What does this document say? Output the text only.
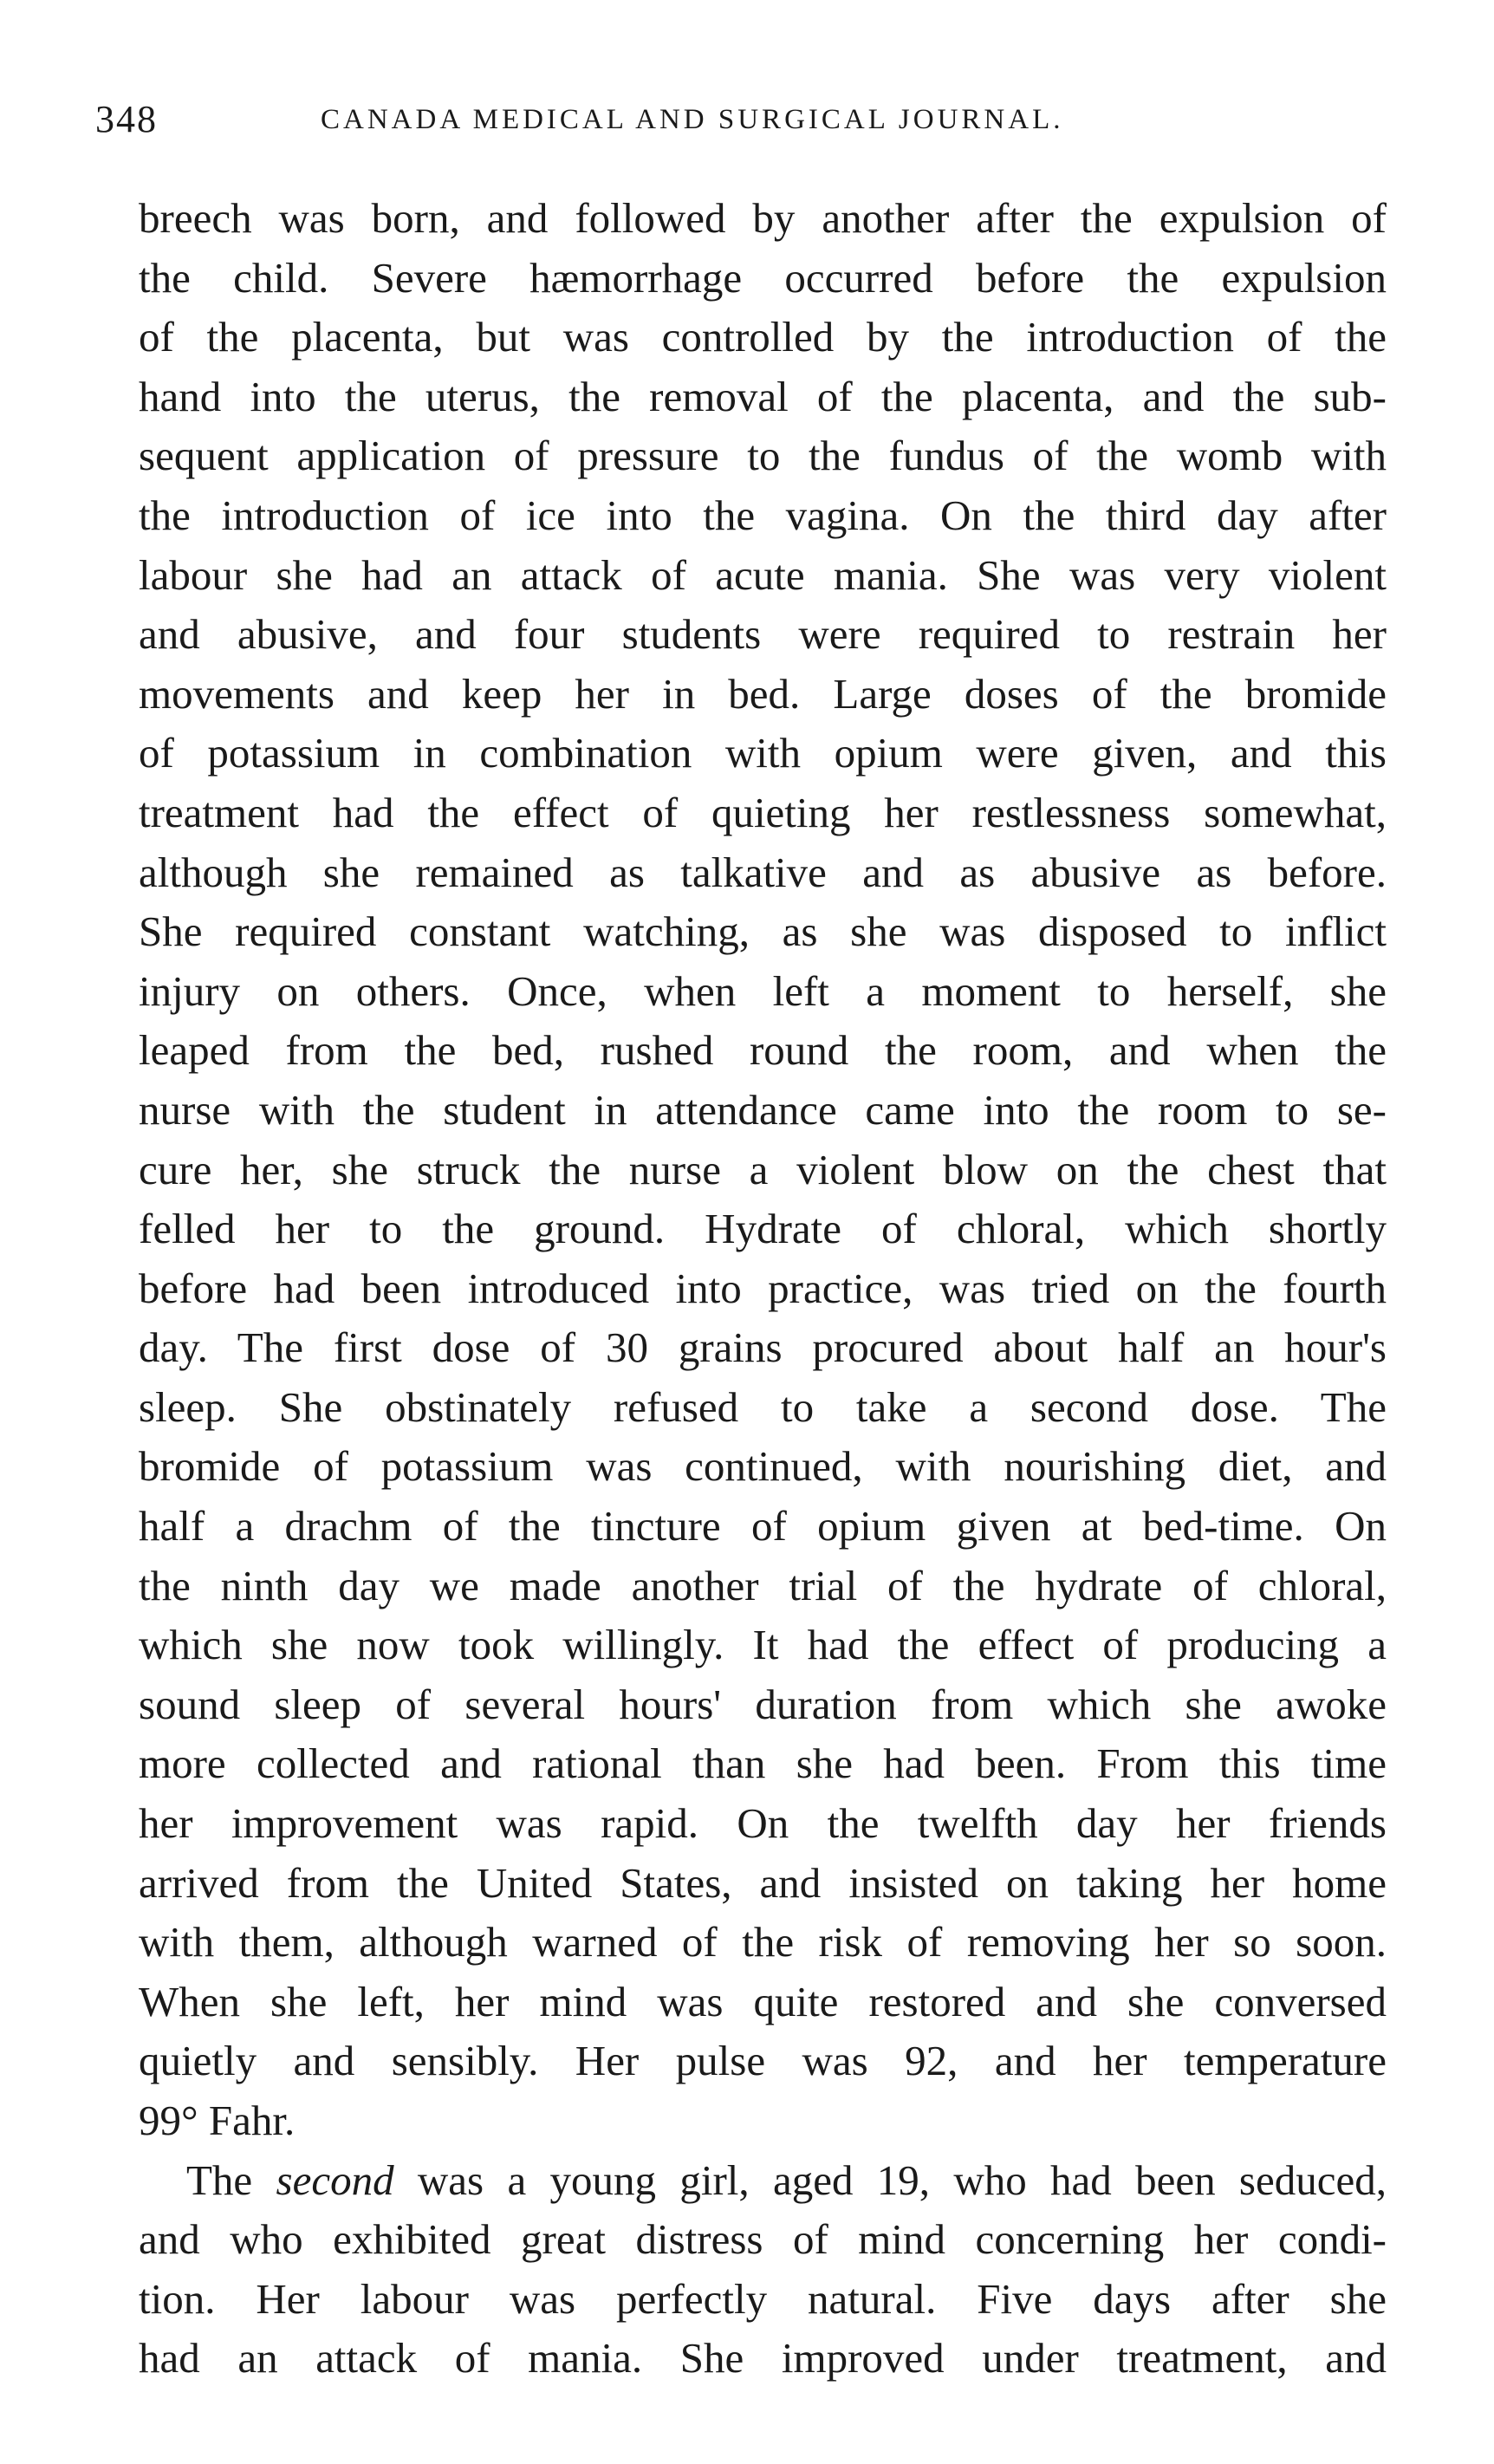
348	CANADA MEDICAL AND SURGICAL JOURNAL.
breech was born, and followed by another after the expulsion of
the child. Severe hæmorrhage occurred before the expulsion
of the placenta, but was controlled by the introduction of the
hand into the uterus, the removal of the placenta, and the sub-
sequent application of pressure to the fundus of the womb with
the introduction of ice into the vagina. On the third day after
labour she had an attack of acute mania. She was very violent
and abusive, and four students were required to restrain her
movements and keep her in bed. Large doses of the bromide
of potassium in combination with opium were given, and this
treatment had the effect of quieting her restlessness somewhat,
although she remained as talkative and as abusive as before.
She required constant watching, as she was disposed to inflict
injury on others. Once, when left a moment to herself, she
leaped from the bed, rushed round the room, and when the
nurse with the student in attendance came into the room to se-
cure her, she struck the nurse a violent blow on the chest that
felled her to the ground. Hydrate of chloral, which shortly
before had been introduced into practice, was tried on the fourth
day. The first dose of 30 grains procured about half an hour's
sleep. She obstinately refused to take a second dose. The
bromide of potassium was continued, with nourishing diet, and
half a drachm of the tincture of opium given at bed-time. On
the ninth day we made another trial of the hydrate of chloral,
which she now took willingly. It had the effect of producing a
sound sleep of several hours' duration from which she awoke
more collected and rational than she had been. From this time
her improvement was rapid. On the twelfth day her friends
arrived from the United States, and insisted on taking her home
with them, although warned of the risk of removing her so soon.
When she left, her mind was quite restored and she conversed
quietly and sensibly. Her pulse was 92, and her temperature
99° Fahr.
The second was a young girl, aged 19, who had been seduced,
and who exhibited great distress of mind concerning her condi-
tion. Her labour was perfectly natural. Five days after she
had an attack of mania. She improved under treatment, and
